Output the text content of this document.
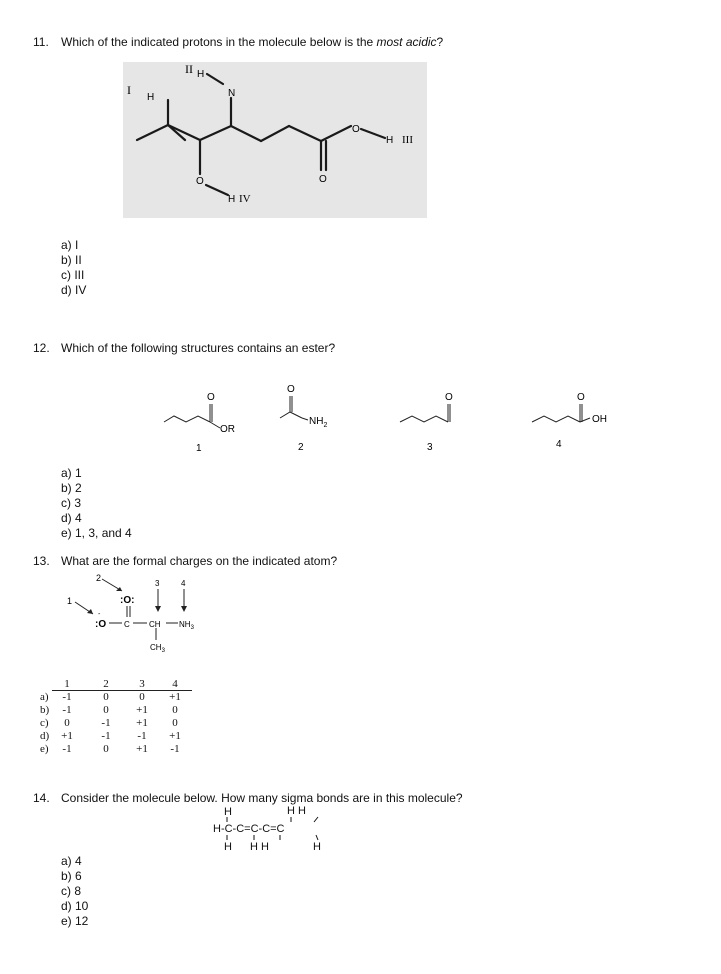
11. Which of the indicated protons in the molecule below is the most acidic?
I
H
II H
N
O
H III
O
O
H IV
a) I
b) II
c) III
d) IV
12. Which of the following structures contains an ester?
O
OR
1
O
$NH_2$
2
O
3
O
OH
4
a) 1
b) 2
c) 3
d) 4
e) 1, 3, and 4
13. What are the formal charges on the indicated atom?
2
1
3	4
:O:
:O
-
C CH $NH_3$
$CH_3$
1	2	3	4
a)	-1	0	0	+1
b)	-1	0	+1	0
c)	0	-1	+1	0
d)	+1	-1	-1	+1
e)	-1	0	+1	-1
14. Consider the molecule below. How many sigma bonds are in this molecule?
H	H H
H-C-C=C-C=C
H H H	H
a) 4
b) 6
c) 8
d) 10
e) 12
